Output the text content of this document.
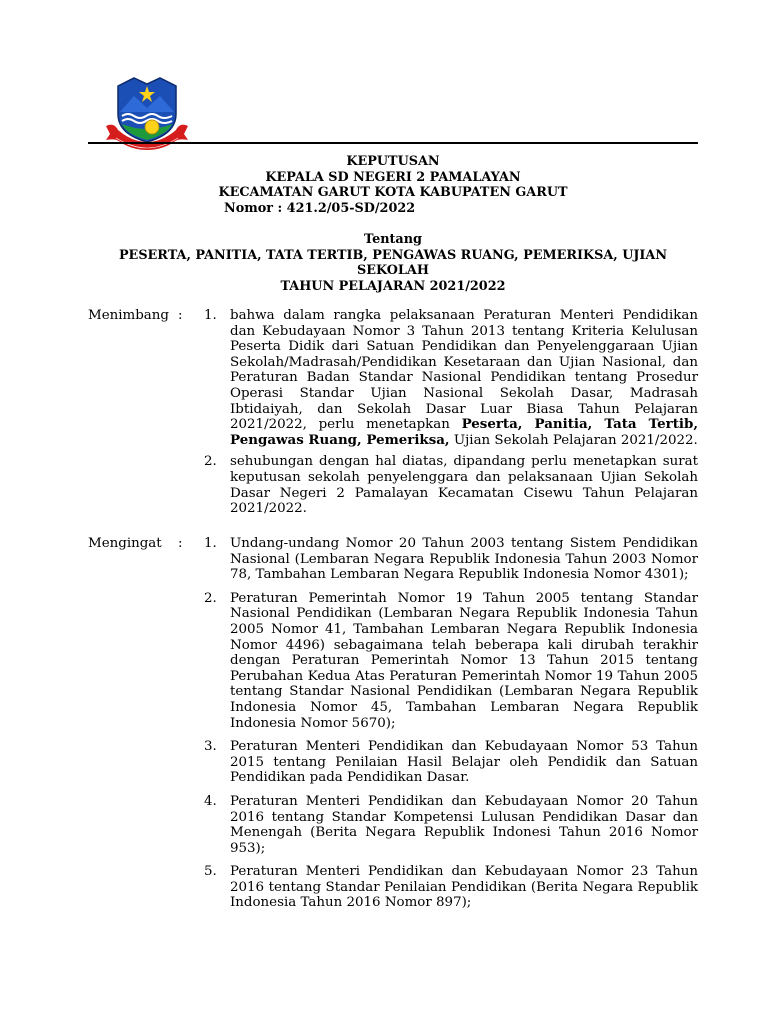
KEPUTUSAN
KEPALA SD NEGERI 2 PAMALAYAN
KECAMATAN GARUT KOTA KABUPATEN GARUT
Nomor : 421.2/05-SD/2022
Tentang
PESERTA, PANITIA, TATA TERTIB, PENGAWAS RUANG, PEMERIKSA, UJIAN
SEKOLAH
TAHUN PELAJARAN 2021/2022
Menimbang : 1. bahwa dalam rangka pelaksanaan Peraturan Menteri Pendidikan dan Kebudayaan Nomor 3 Tahun 2013 tentang Kriteria Kelulusan Peserta Didik dari Satuan Pendidikan dan Penyelenggaraan Ujian Sekolah/Madrasah/Pendidikan Kesetaraan dan Ujian Nasional, dan Peraturan Badan Standar Nasional Pendidikan tentang Prosedur Operasi Standar Ujian Nasional Sekolah Dasar, Madrasah Ibtidaiyah, dan Sekolah Dasar Luar Biasa Tahun Pelajaran 2021/2022, perlu menetapkan Peserta, Panitia, Tata Tertib, Pengawas Ruang, Pemeriksa, Ujian Sekolah Pelajaran 2021/2022.
2. sehubungan dengan hal diatas, dipandang perlu menetapkan surat keputusan sekolah penyelenggara dan pelaksanaan Ujian Sekolah Dasar Negeri 2 Pamalayan Kecamatan Cisewu Tahun Pelajaran 2021/2022.
Mengingat : 1. Undang-undang Nomor 20 Tahun 2003 tentang Sistem Pendidikan Nasional (Lembaran Negara Republik Indonesia Tahun 2003 Nomor 78, Tambahan Lembaran Negara Republik Indonesia Nomor 4301);
2. Peraturan Pemerintah Nomor 19 Tahun 2005 tentang Standar Nasional Pendidikan (Lembaran Negara Republik Indonesia Tahun 2005 Nomor 41, Tambahan Lembaran Negara Republik Indonesia Nomor 4496) sebagaimana telah beberapa kali dirubah terakhir dengan Peraturan Pemerintah Nomor 13 Tahun 2015 tentang Perubahan Kedua Atas Peraturan Pemerintah Nomor 19 Tahun 2005 tentang Standar Nasional Pendidikan (Lembaran Negara Republik Indonesia Nomor 45, Tambahan Lembaran Negara Republik Indonesia Nomor 5670);
3. Peraturan Menteri Pendidikan dan Kebudayaan Nomor 53 Tahun 2015 tentang Penilaian Hasil Belajar oleh Pendidik dan Satuan Pendidikan pada Pendidikan Dasar.
4. Peraturan Menteri Pendidikan dan Kebudayaan Nomor 20 Tahun 2016 tentang Standar Kompetensi Lulusan Pendidikan Dasar dan Menengah (Berita Negara Republik Indonesi Tahun 2016 Nomor 953);
5. Peraturan Menteri Pendidikan dan Kebudayaan Nomor 23 Tahun 2016 tentang Standar Penilaian Pendidikan (Berita Negara Republik Indonesia Tahun 2016 Nomor 897);
